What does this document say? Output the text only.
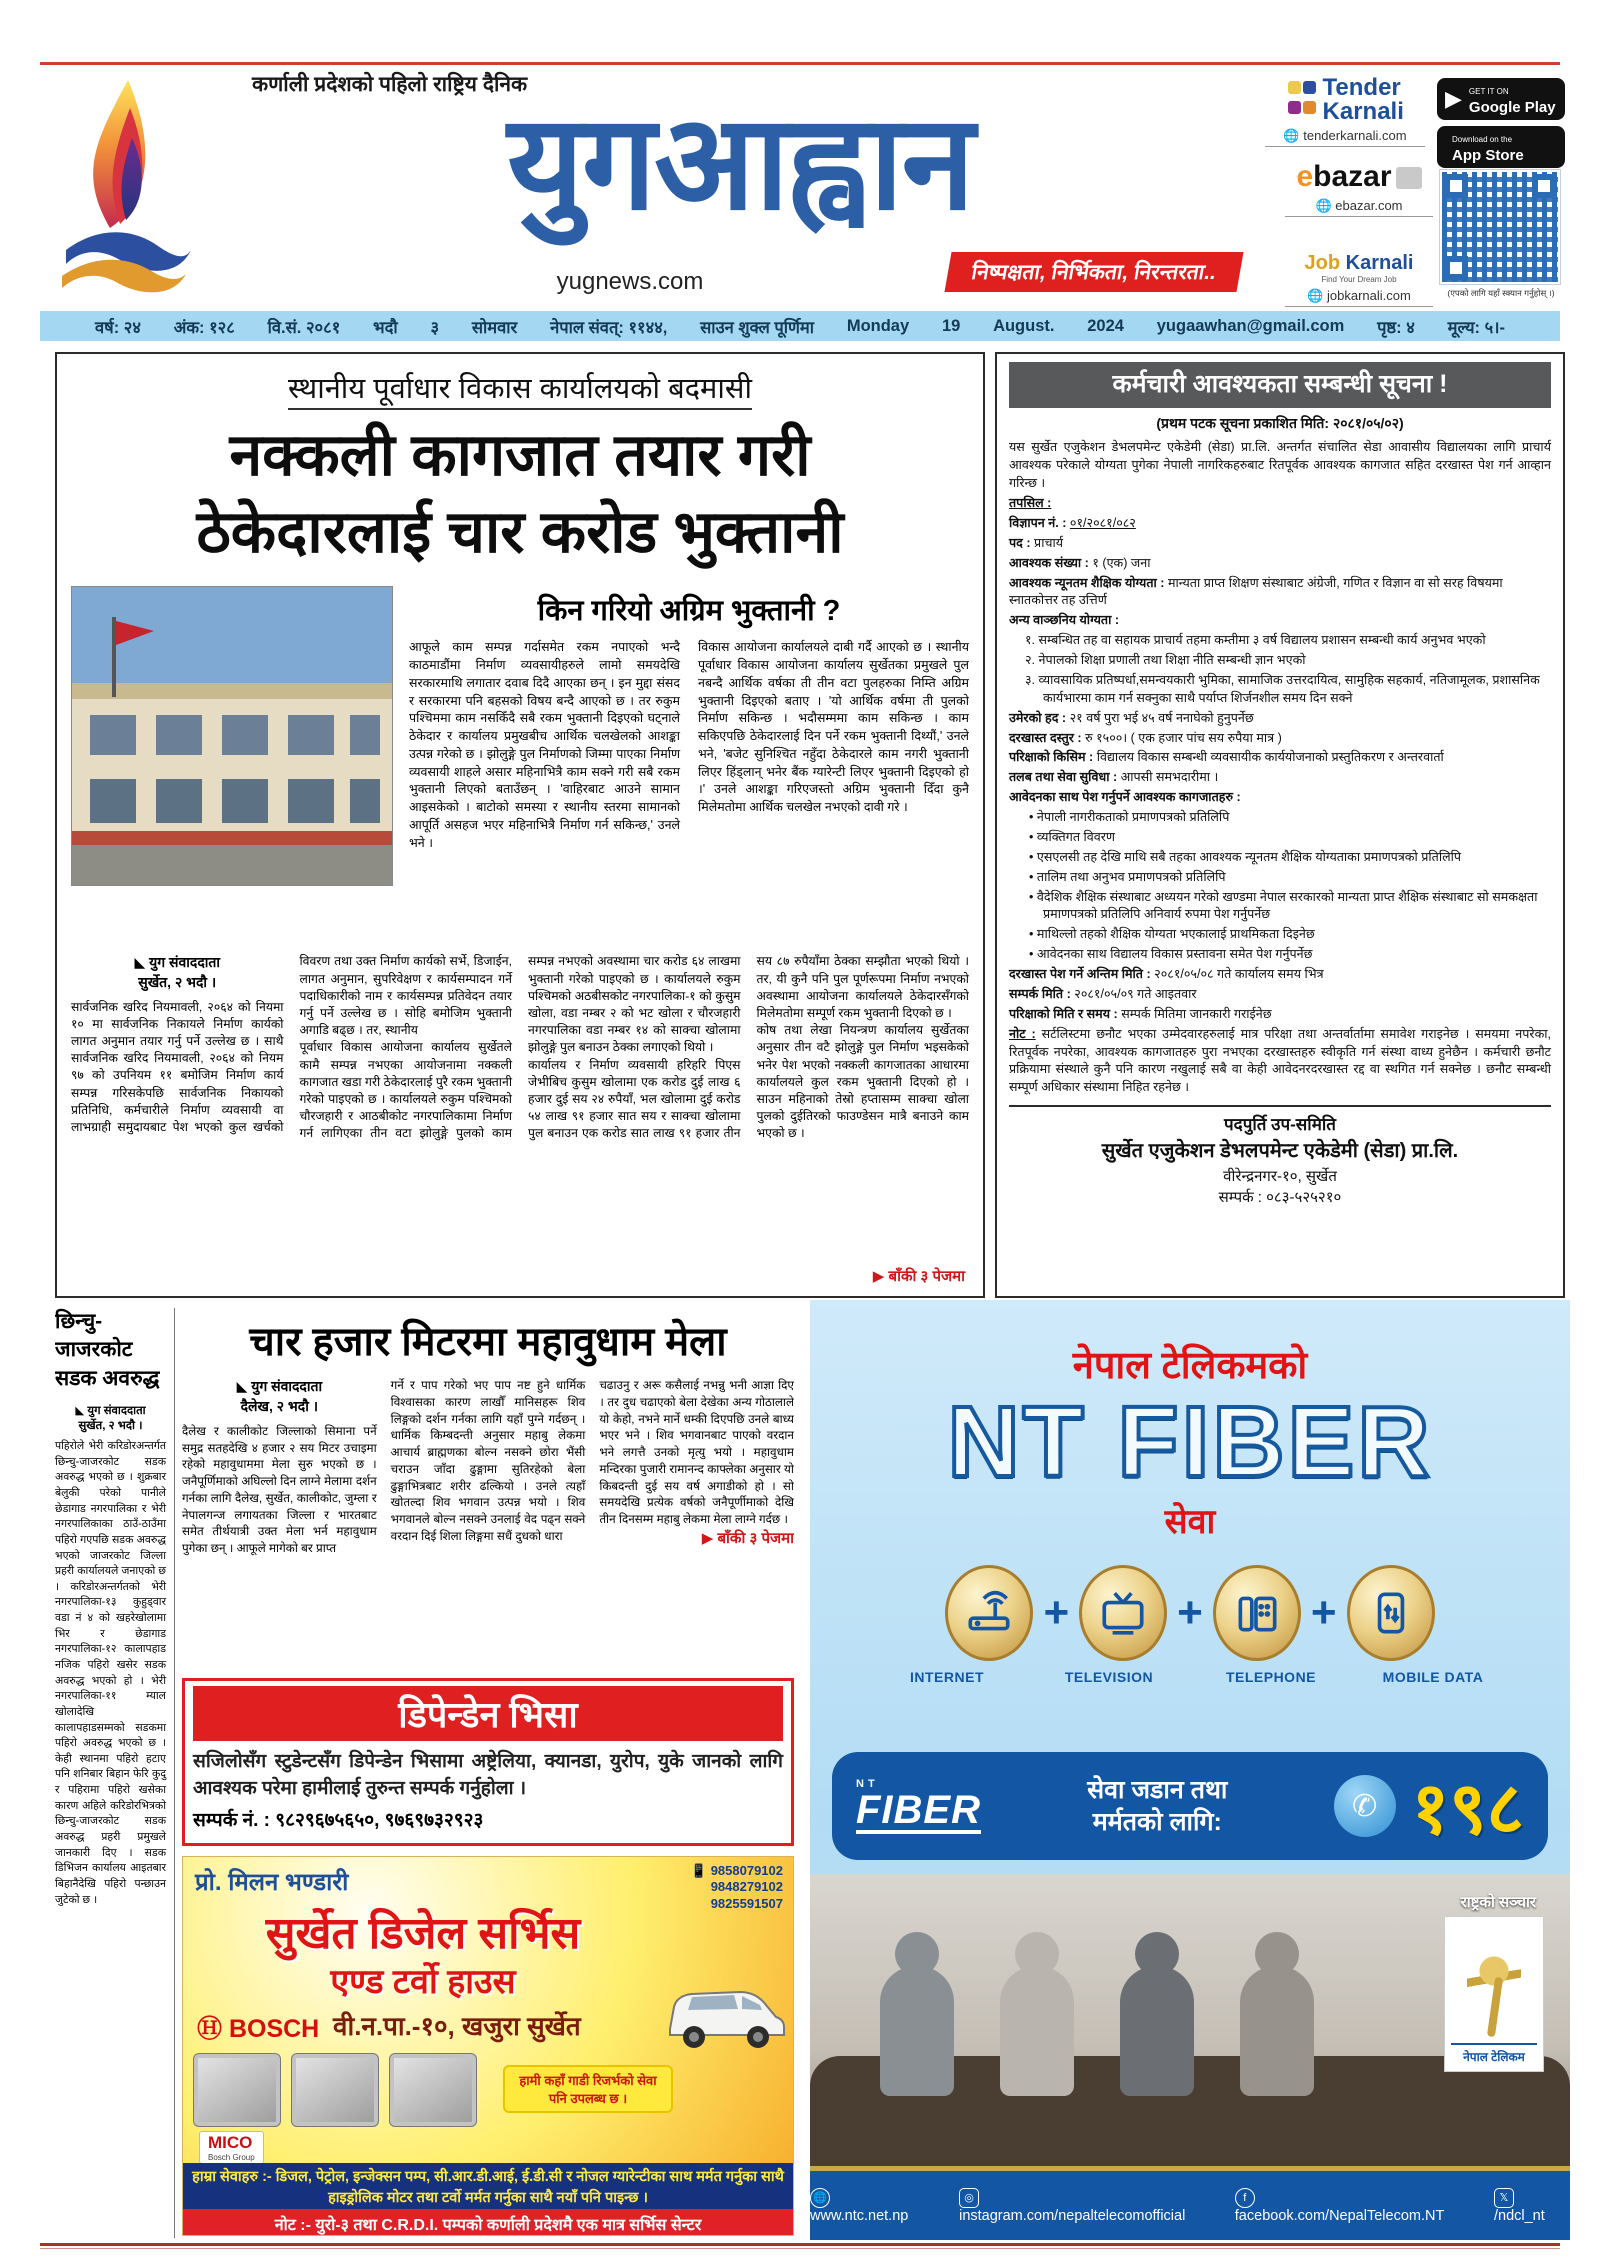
कर्णाली प्रदेशको पहिलो राष्ट्रिय दैनिक
युगआह्वान
yugnews.com	निष्पक्षता, निर्भिकता, निरन्तरता..
Tender
Karnali
🌐 tenderkarnali.com
▶ GET IT ON
Google Play
Download on the
App Store
ebazar
🌐 ebazar.com
(एपको लागि यहाँ स्क्यान गर्नुहोस् ।)
Job Karnali
Find Your Dream Job
🌐 jobkarnali.com
वर्ष: २४ अंक: १२८ वि.सं. २०८१ भदौ ३ सोमवार नेपाल संवत्: ११४४, साउन शुक्ल पूर्णिमा Monday 19 August. 2024 yugaawhan@gmail.com पृष्ठ: ४ मूल्य: ५।-
स्थानीय पूर्वाधार विकास कार्यालयको बदमासी
नक्कली कागजात तयार गरी
ठेकेदारलाई चार करोड भुक्तानी
किन गरियो अग्रिम भुक्तानी ?

आफूले काम सम्पन्न गर्दासमेत रकम नपाएको भन्दै काठमाडौंमा निर्माण व्यवसायीहरुले लामो समयदेखि सरकारमाथि लगातार दवाब दिदै आएका छन् । इन मुद्दा संसद र सरकारमा पनि बहसको विषय बन्दै आएको छ । तर रुकुम पश्चिममा काम नसकिँदै सबै रकम भुक्तानी दिइएको घट्नाले ठेकेदार र कार्यालय प्रमुखबीच आर्थिक चलखेलको आशङ्का उत्पन्न गरेको छ । झोलुङ्गे पुल निर्माणको जिम्मा पाएका निर्माण व्यवसायी शाहले असार महिनाभित्रै काम सक्ने गरी सबै रकम भुक्तानी लिएको बताउँछन् । 'वाहिरबाट आउने सामान आइसकेको । बाटोको समस्या र स्थानीय स्तरमा सामानको आपूर्ति असहज भएर महिनाभित्रै निर्माण गर्न सकिन्छ,' उनले भने ।

विकास आयोजना कार्यालयले दाबी गर्दै आएको छ । स्थानीय पूर्वाधार विकास आयोजना कार्यालय सुर्खेतका प्रमुखले पुल नबन्दै आर्थिक वर्षका ती तीन वटा पुलहरुका निम्ति अग्रिम भुक्तानी दिइएको बताए । 'यो आर्थिक वर्षमा ती पुलको निर्माण सकिन्छ । भदौसम्ममा काम सकिन्छ । काम सकिएपछि ठेकेदारलाई दिन पर्ने रकम भुक्तानी दिथ्यौं,' उनले भने, 'बजेट सुनिश्चित नहुँदा ठेकेदारले काम नगरी भुक्तानी लिएर हिंड्लान् भनेर बैंक ग्यारेन्टी लिएर भुक्तानी दिइएको हो ।' उनले आशङ्का गरिएजस्तो अग्रिम भुक्तानी दिँदा कुनै मिलेमतोमा आर्थिक चलखेल नभएको दावी गरे ।

◣ युग संवाददाता
सुर्खेत, २ भदौ ।

सार्वजनिक खरिद नियमावली, २०६४ को नियमा १० मा सार्वजनिक निकायले निर्माण कार्यको लागत अनुमान तयार गर्नु पर्ने उल्लेख छ । साथै सार्वजनिक खरिद नियमावली, २०६४ को नियम ९७ को उपनियम ११ बमोजिम निर्माण कार्य सम्पन्न गरिसकेपछि सार्वजनिक निकायको प्रतिनिधि, कर्मचारीले निर्माण व्यवसायी वा लाभग्राही समुदायबाट पेश भएको कुल खर्चको विवरण तथा उक्त निर्माण कार्यको सर्भे, डिजाईन, लागत अनुमान, सुपरिवेक्षण र कार्यसम्पादन गर्ने पदाधिकारीको नाम र कार्यसम्पन्न प्रतिवेदन तयार गर्नु पर्ने उल्लेख छ । सोहि बमोजिम भुक्तानी अगाडि बढ्छ । तर, स्थानीय

पूर्वाधार विकास आयोजना कार्यालय सुर्खेतले कामै सम्पन्न नभएका आयोजनामा नक्कली कागजात खडा गरी ठेकेदारलाई पुरै रकम भुक्तानी गरेको पाइएको छ । कार्यालयले रुकुम पश्चिमको चौरजहारी र आठबीकोट नगरपालिकामा निर्माण गर्न लागिएका तीन वटा झोलुङ्गे पुलको काम सम्पन्न नभएको अवस्थामा चार करोड ६४ लाखमा भुक्तानी गरेको पाइएको छ । कार्यालयले रुकुम पश्चिमको अठबीसकोट नगरपालिका-१ को कुसुम खोला, वडा नम्बर २ को भट खोला र चौरजहारी नगरपालिका वडा नम्बर १४ को साक्चा खोलामा झोलुङ्गे पुल बनाउन ठेक्का लगाएको थियो ।

कार्यालय र निर्माण व्यवसायी हरिहरि पिएस जेभीबिच कुसुम खोलामा एक करोड दुई लाख ६ हजार दुई सय २४ रुपैयाँ, भल खोलामा दुई करोड ५४ लाख ९१ हजार सात सय र साक्चा खोलामा पुल बनाउन एक करोड सात लाख ९१ हजार तीन सय ८७ रुपैयाँमा ठेक्का सम्झौता भएको थियो । तर, यी कुनै पनि पुल पूर्णरूपमा निर्माण नभएको अवस्थामा आयोजना कार्यालयले ठेकेदारसँगको मिलेमतोमा सम्पूर्ण रकम भुक्तानी दिएको छ ।

कोष तथा लेखा नियन्त्रण कार्यालय सुर्खेतका अनुसार तीन वटै झोलुङ्गे पुल निर्माण भइसकेको भनेर पेश भएको नक्कली कागजातका आधारमा कार्यालयले कुल रकम भुक्तानी दिएको हो । साउन महिनाको तेस्रो हप्तासम्म साक्चा खोला पुलको दुईतिरको फाउण्डेसन मात्रै बनाउने काम भएको छ ।

▶ बाँकी ३ पेजमा
कर्मचारी आवश्यकता सम्बन्धी सूचना !
(प्रथम पटक सूचना प्रकाशित मिति: २०८१/०५/०२)

यस सुर्खेत एजुकेशन डेभलपमेन्ट एकेडेमी (सेडा) प्रा.लि. अन्तर्गत संचालित सेडा आवासीय विद्यालयका लागि प्राचार्य आवश्यक परेकाले योग्यता पुगेका नेपाली नागरिकहरुबाट रितपूर्वक आवश्यक कागजात सहित दरखास्त पेश गर्न आव्हान गरिन्छ ।

तपसिल :
विज्ञापन नं. : ०१/२०८१/०८२
पद : प्राचार्य
आवश्यक संख्या : १ (एक) जना
आवश्यक न्यूनतम शैक्षिक योग्यता : मान्यता प्राप्त शिक्षण संस्थाबाट अंग्रेजी, गणित र विज्ञान वा सो सरह विषयमा स्नातकोत्तर तह उत्तिर्ण
अन्य वाञ्छनिय योग्यता :
१. सम्बन्धित तह वा सहायक प्राचार्य तहमा कम्तीमा ३ वर्ष विद्यालय प्रशासन सम्बन्धी कार्य अनुभव भएको
२. नेपालको शिक्षा प्रणाली तथा शिक्षा नीति सम्बन्धी ज्ञान भएको
३. व्यावसायिक प्रतिष्पर्धा,समन्वयकारी भुमिका, सामाजिक उत्तरदायित्व, सामुहिक सहकार्य, नतिजामूलक, प्रशासनिक कार्यभारमा काम गर्न सक्नुका साथै पर्याप्त शिर्जनशील समय दिन सक्ने
उमेरको हद : २१ वर्ष पुरा भई ४५ वर्ष ननाघेको हुनुपर्नेछ
दरखास्त दस्तुर : रु १५००। ( एक हजार पांच सय रुपैया मात्र )
परिक्षाको किसिम : विद्यालय विकास सम्बन्धी व्यवसायीक कार्ययोजनाको प्रस्तुतिकरण र अन्तरवार्ता
तलब तथा सेवा सुविधा : आपसी समभदारीमा ।
आवेदनका साथ पेश गर्नुपर्ने आवश्यक कागजातहरु :
• नेपाली नागरीकताको प्रमाणपत्रको प्रतिलिपि
• व्यक्तिगत विवरण
• एसएलसी तह देखि माथि सबै तहका आवश्यक न्यूनतम शैक्षिक योग्यताका प्रमाणपत्रको प्रतिलिपि
• तालिम तथा अनुभव प्रमाणपत्रको प्रतिलिपि
• वैदेशिक शैक्षिक संस्थाबाट अध्ययन गरेको खण्डमा नेपाल सरकारको मान्यता प्राप्त शैक्षिक संस्थाबाट सो समकक्षता प्रमाणपत्रको प्रतिलिपि अनिवार्य रुपमा पेश गर्नुपर्नेछ
• माथिल्लो तहको शैक्षिक योग्यता भएकालाई प्राथमिकता दिइनेछ
• आवेदनका साथ विद्यालय विकास प्रस्तावना समेत पेश गर्नुपर्नेछ
दरखास्त पेश गर्ने अन्तिम मिति : २०८१/०५/०८ गते कार्यालय समय भित्र
सम्पर्क मिति : २०८१/०५/०९ गते आइतवार
परिक्षाको मिति र समय : सम्पर्क मितिमा जानकारी गराईनेछ

नोट : सर्टलिस्टमा छनौट भएका उम्मेदवारहरुलाई मात्र परिक्षा तथा अन्तर्वार्तामा समावेश गराइनेछ । समयमा नपरेका, रितपूर्वक नपरेका, आवश्यक कागजातहरु पुरा नभएका दरखास्तहरु स्वीकृति गर्न संस्था वाध्य हुनेछैन । कर्मचारी छनौट प्रक्रियामा संस्थाले कुनै पनि कारण नखुलाई सबै वा केही आवेदनरदरखास्त रद्द वा स्थगित गर्न सक्नेछ । छनौट सम्बन्धी सम्पूर्ण अधिकार संस्थामा निहित रहनेछ ।

पदपुर्ति उप-समिति
सुर्खेत एजुकेशन डेभलपमेन्ट एकेडेमी (सेडा) प्रा.लि.
वीरेन्द्रनगर-१०, सुर्खेत
सम्पर्क : ०८३-५२५२१०
छिन्चु-जाजरकोट सडक अवरुद्ध
◣ युग संवाददाता
सुर्खेत, २ भदौ ।

पहिरोले भेरी करिडोरअन्तर्गत छिन्चु-जाजरकोट सडक अवरुद्ध भएको छ । शुक्रबार बेलुकी परेको पानीले छेडागाड नगरपालिका र भेरी नगरपालिकाका ठाउँ-ठाउँमा पहिरो गएपछि सडक अवरुद्ध भएको जाजरकोट जिल्ला प्रहरी कार्यालयले जनाएको छ । करिडोरअन्तर्गतको भेरी नगरपालिका-१३ कुहुड्वार वडा नं ४ को खहरेखोलामा भिर र छेडागाड नगरपालिका-१२ कालापहाड नजिक पहिरो खसेर सडक अवरुद्ध भएको हो । भेरी नगरपालिका-११ म्याल खोलादेखि कालापहाडसम्मको सडकमा पहिरो अवरुद्ध भएको छ । केही स्थानमा पहिरो हटाए पनि शनिबार बिहान फेरि कुदु र पहिरामा पहिरो खसेका कारण अहिले करिडोरभित्रको छिन्चु-जाजरकोट सडक अवरुद्ध प्रहरी प्रमुखले जानकारी दिए । सडक डिभिजन कार्यालय आइतबार बिहानैदेखि पहिरो पन्छाउन जुटेको छ ।

चार हजार मिटरमा महावुधाम मेला
◣ युग संवाददाता
दैलेख, २ भदौ ।

दैलेख र कालीकोट जिल्लाको सिमाना पर्ने समुद्र सतहदेखि ४ हजार २ सय मिटर उचाइमा रहेको महावुधाममा मेला सुरु भएको छ । जनैपूर्णिमाको अघिल्लो दिन लाग्ने मेलामा दर्शन गर्नका लागि दैलेख, सुर्खेत, कालीकोट, जुम्ला र नेपालगन्ज लगायतका जिल्ला र भारतबाट समेत तीर्थयात्री उक्त मेला भर्न महावुधाम पुगेका छन् । आफूले मागेको बर प्राप्त

गर्ने र पाप गरेको भए पाप नष्ट हुने धार्मिक विश्वासका कारण लाखौँ मानिसहरू शिव लिङ्गको दर्शन गर्नका लागि यहाँ पुग्ने गर्दछन् । धार्मिक किम्बदन्ती अनुसार महाबु लेकमा आचार्य ब्राह्मणका बोल्न नसक्ने छोरा भैंसी चराउन जाँदा ढुङ्गामा सुतिरहेको बेला ढुङ्गाभित्रबाट शरीर ढल्कियो । उनले त्यहाँ खोतल्दा शिव भगवान उत्पन्न भयो । शिव भगवानले बोल्न नसक्ने उनलाई वेद पढ्न सक्ने वरदान दिई शिला लिङ्गमा सधैं दुधको धारा

चढाउनु र अरू कसैलाई नभन्नु भनी आज्ञा दिए । तर दुध चढाएको बेला देखेका अन्य गोठालाले यो केहो, नभने मार्ने धम्की दिएपछि उनले बाध्य भएर भने । शिव भगवानबाट पाएको वरदान भने लगत्तै उनको मृत्यु भयो । महावुधाम मन्दिरका पुजारी रामानन्द काफ्लेका अनुसार यो किबदन्ती दुई सय वर्ष अगाडीको हो । सो समयदेखि प्रत्येक वर्षको जनैपूर्णीमाको देखि तीन दिनसम्म महाबु लेकमा मेला लाग्ने गर्दछ ।

▶ बाँकी ३ पेजमा
डिपेन्डेन भिसा
सजिलोसँग स्टुडेन्टसँग डिपेन्डेन भिसामा अष्ट्रेलिया, क्यानडा, युरोप, युके जानको लागि आवश्यक परेमा हामीलाई तुरुन्त सम्पर्क गर्नुहोला ।
सम्पर्क नं. : ९८२९६७५६५०, ९७६९७३२९२३
प्रो. मिलन भण्डारी	📱 9858079102
9848279102
9825591507
सुर्खेत डिजेल सर्भिस
एण्ड टर्वो हाउस
Ⓗ BOSCH वी.न.पा.-१०, खजुरा सुर्खेत
MICO
Bosch Group
हामी कहाँ गाडी रिजर्भको सेवा पनि उपलब्ध छ ।
हाम्रा सेवाहरु :- डिजल, पेट्रोल, इन्जेक्सन पम्प, सी.आर.डी.आई, ई.डी.सी र नोजल ग्यारेन्टीका साथ मर्मत गर्नुका साथै हाइड्रोलिक मोटर तथा टर्वो मर्मत गर्नुका साथै नयाँ पनि पाइन्छ ।
नोट :- युरो-३ तथा C.R.D.I. पम्पको कर्णाली प्रदेशमै एक मात्र सर्भिस सेन्टर
नेपाल टेलिकमको
NT FIBER
सेवा
+ + +
INTERNET	TELEVISION	TELEPHONE	MOBILE DATA
NT
FIBER	सेवा जडान तथा
मर्मतको लागि:	✆ १९८
राष्ट्रको सञ्चार
नेपाल टेलिकम
🌐www.ntc.net.np
◎instagram.com/nepaltelecomofficial
ffacebook.com/NepalTelecom.NT
𝕏/ndcl_nt
